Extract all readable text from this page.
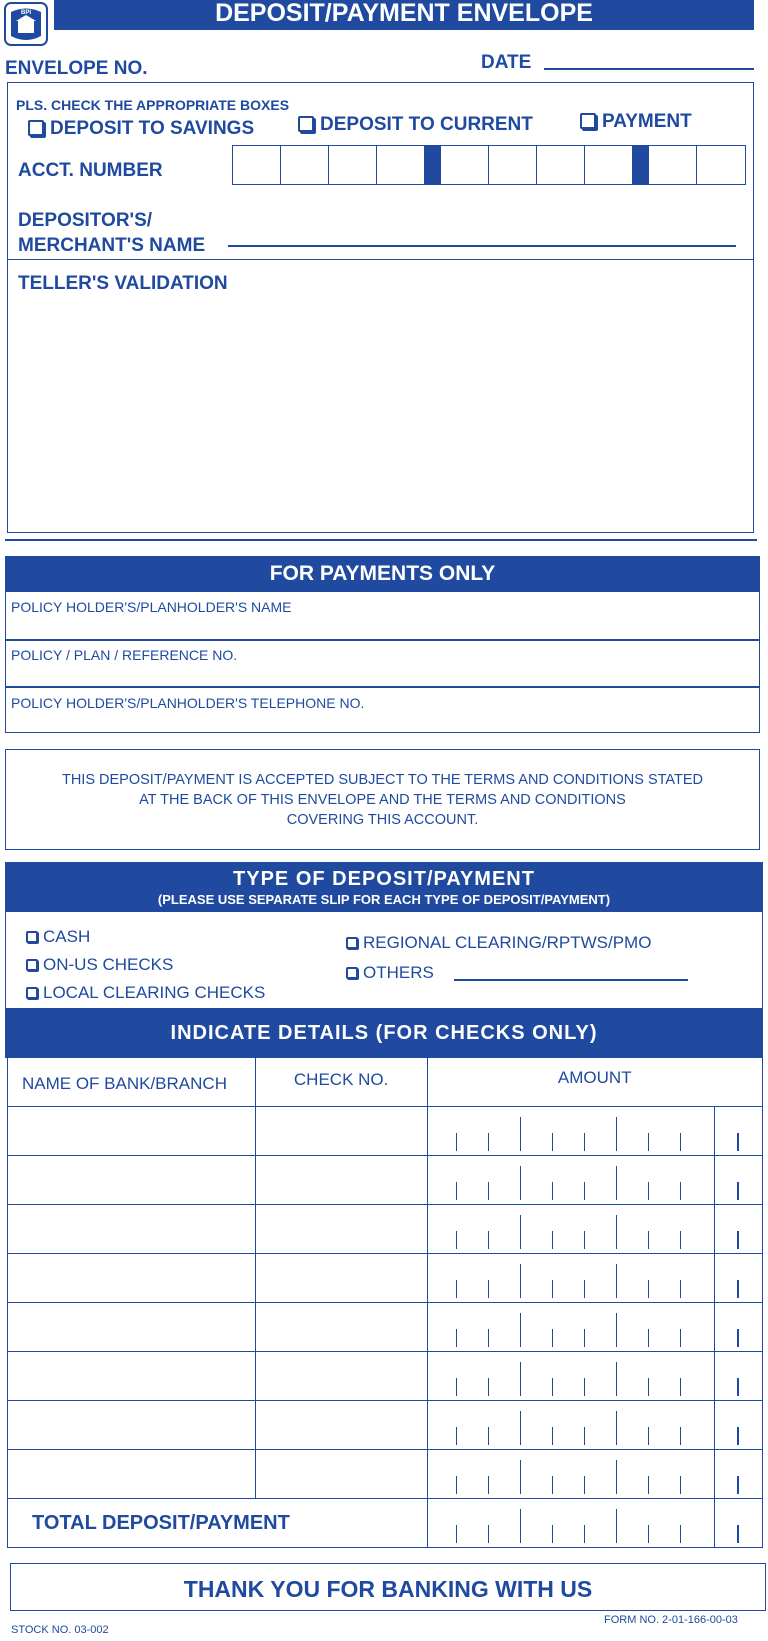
BPI	DEPOSIT/PAYMENT ENVELOPE
ENVELOPE NO.	DATE
PLS. CHECK THE APPROPRIATE BOXES
DEPOSIT TO SAVINGS	DEPOSIT TO CURRENT	PAYMENT
ACCT. NUMBER
DEPOSITOR'S/
MERCHANT'S NAME
TELLER'S VALIDATION
FOR PAYMENTS ONLY
POLICY HOLDER'S/PLANHOLDER'S NAME
POLICY / PLAN / REFERENCE NO.
POLICY HOLDER'S/PLANHOLDER'S TELEPHONE NO.
THIS DEPOSIT/PAYMENT IS ACCEPTED SUBJECT TO THE TERMS AND CONDITIONS STATED
AT THE BACK OF THIS ENVELOPE AND THE TERMS AND CONDITIONS
COVERING THIS ACCOUNT.
TYPE OF DEPOSIT/PAYMENT
(PLEASE USE SEPARATE SLIP FOR EACH TYPE OF DEPOSIT/PAYMENT)
CASH
ON-US CHECKS
LOCAL CLEARING CHECKS
REGIONAL CLEARING/RPTWS/PMO
OTHERS
INDICATE DETAILS (FOR CHECKS ONLY)
NAME OF BANK/BRANCH	CHECK NO.	AMOUNT	

TOTAL DEPOSIT/PAYMENT		

THANK YOU FOR BANKING WITH US
STOCK NO. 03-002
FORM NO. 2-01-166-00-03
